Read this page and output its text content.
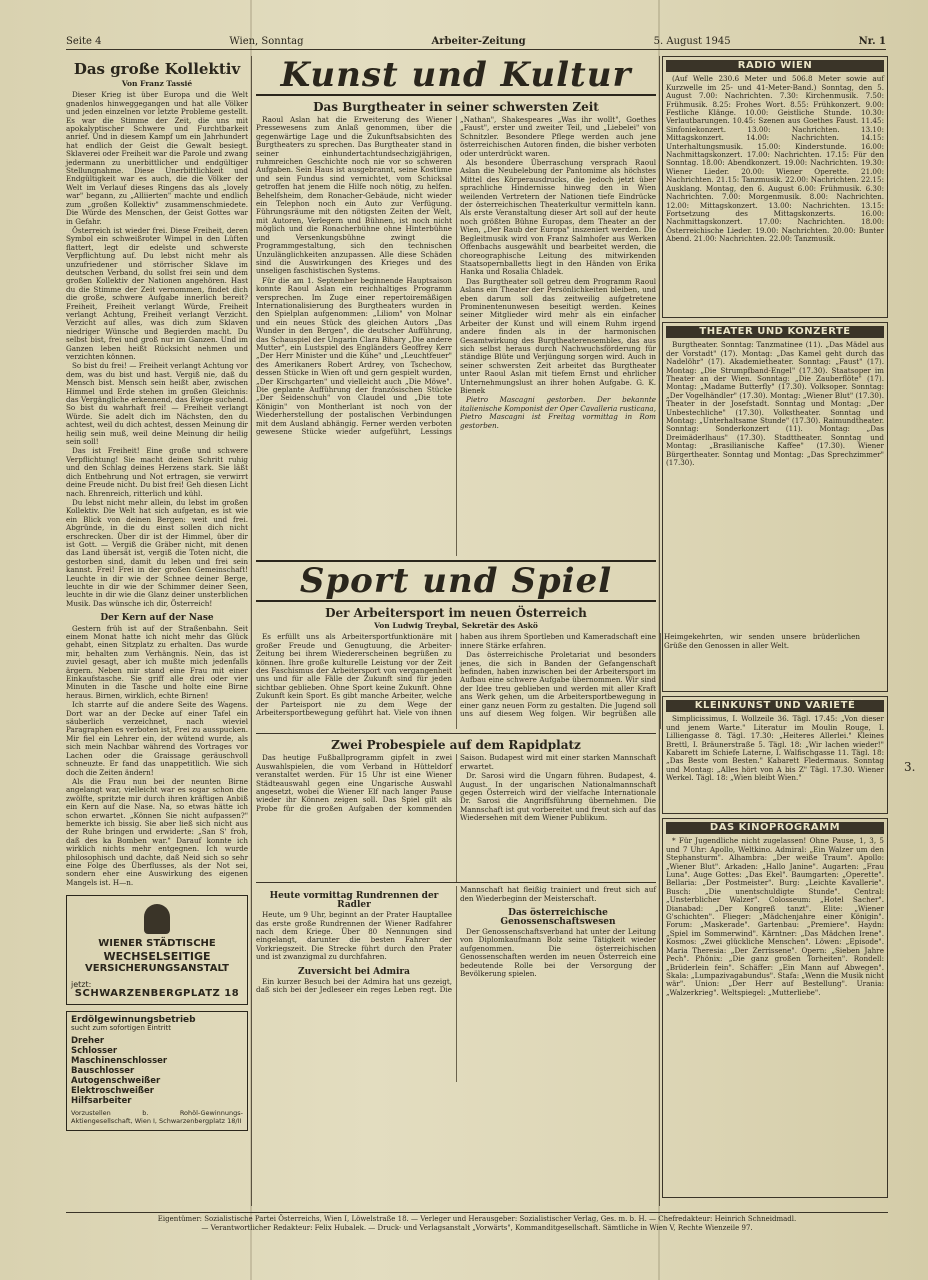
Seite 4	Wien, Sonntag	Arbeiter-Zeitung	5. August 1945	Nr. 1
Das große Kollektiv
Von Franz Tassié

Dieser Krieg ist über Europa und die Welt gnadenlos hinweggegangen und hat alle Völker und jeden einzelnen vor letzte Probleme gestellt. Es war die Stimme der Zeit, die uns mit apokalyptischer Schwere und Furchtbarkeit anrief. Und in diesem Kampf um ein Jahrhundert hat endlich der Geist die Gewalt besiegt. Sklaverei oder Freiheit war die Parole und zwang jedermann zu unerbittlicher und endgültiger Stellungnahme. Diese Unerbittlichkeit und Endgültigkeit war es auch, die die Völker der Welt im Verlauf dieses Ringens das als „lovely war" begann, zu „Alliierten" machte und endlich zum „großen Kollektiv" zusammenschmiedete. Die Würde des Menschen, der Geist Gottes war in Gefahr.

Österreich ist wieder frei. Diese Freiheit, deren Symbol ein schweißroter Wimpel in den Lüften flattert, legt dir edelste und schwerste Verpflichtung auf. Du lebst nicht mehr als unzufriedener und störrischer Sklave im deutschen Verband, du sollst frei sein und dem großen Kollektiv der Nationen angehören. Hast du die Stimme der Zeit vernommen, findet dich die große, schwere Aufgabe innerlich bereit? Freiheit, Freiheit verlangt Würde, Freiheit verlangt Achtung, Freiheit verlangt Verzicht. Verzicht auf alles, was dich zum Sklaven niedriger Wünsche und Begierden macht. Du selbst bist, frei und groß nur im Ganzen. Und im Ganzen leben heißt Rücksicht nehmen und verzichten können.

So bist du frei! — Freiheit verlangt Achtung vor dem, was du bist und hast. Vergiß nie, daß du Mensch bist. Mensch sein heißt aber, zwischen Himmel und Erde stehen im großen Gleichnis: das Vergängliche erkennend, das Ewige suchend. So bist du wahrhaft frei! — Freiheit verlangt Würde. Sie adelt dich im Nächsten, den du achtest, weil du dich achtest, dessen Meinung dir heilig sein muß, weil deine Meinung dir heilig sein soll!

Das ist Freiheit! Eine große und schwere Verpflichtung! Sie macht deinen Schritt ruhig und den Schlag deines Herzens stark. Sie läßt dich Entbehrung und Not ertragen, sie verwirrt deine Freude nicht. Du bist frei! Geh diesen Licht nach. Ehrenreich, ritterlich und kühl.

Du lebst nicht mehr allein, du lebst im großen Kollektiv. Die Welt hat sich aufgetan, es ist wie ein Blick von deinen Bergen: weit und frei. Abgründe, in die du einst sollen dich nicht erschrecken. Über dir ist der Himmel, über dir ist Gott. — Vergiß die Gräber nicht, mit denen das Land übersät ist, vergiß die Toten nicht, die gestorben sind, damit du leben und frei sein kannst. Frei! Frei in der großen Gemeinschaft! Leuchte in dir wie der Schnee deiner Berge, leuchte in dir wie der Schimmer deiner Seen, leuchte in dir wie die Glanz deiner unsterblichen Musik. Das wünsche ich dir, Österreich!

Der Kern auf der Nase

Gestern früh ist auf der Straßenbahn. Seit einem Monat hatte ich nicht mehr das Glück gehabt, einen Sitzplatz zu erhalten. Das wurde mir, behalten zum Verhängnis. Nein, das ist zuviel gesagt, aber ich mußte mich jedenfalls ärgern. Neben mir stand eine Frau mit einer Einkaufstasche. Sie griff alle drei oder vier Minuten in die Tasche und holte eine Birne heraus. Birnen, wirklich, echte Birnen!

Ich starrte auf die andere Seite des Wagens. Dort war an der Decke auf einer Tafel ein säuberlich verzeichnet, nach wieviel Paragraphen es verboten ist, Frei zu ausspucken. Mir fiel ein Lehrer ein, der wütend wurde, als sich mein Nachbar während des Vortrages vor Lachen oder die Graissage geräuschvoll schneuzte. Er fand das unappetitlich. Wie sich doch die Zeiten ändern!

Als die Frau nun bei der neunten Birne angelangt war, vielleicht war es sogar schon die zwölfte, spritzte mir durch ihren kräftigen Anbiß ein Kern auf die Nase. Na, so etwas hätte ich schon erwartet. „Können Sie nicht aufpassen?" bemerkte ich bissig. Sie aber ließ sich nicht aus der Ruhe bringen und erwiderte: „San S' froh, daß des ka Bomben war." Darauf konnte ich wirklich nichts mehr entgegnen. Ich wurde philosophisch und dachte, daß Neid sich so sehr eine Folge des Überflusses, als der Not sei, sondern eher eine Auswirkung des eigenen Mangels ist. H—n.

WIENER STÄDTISCHE
WECHSELSEITIGE
VERSICHERUNGSANSTALT
jetzt:
SCHWARZENBERGPLATZ 18
Erdölgewinnungsbetrieb
sucht zum sofortigen Eintritt
Dreher
Schlosser
Maschinenschlosser
Bauschlosser
Autogenschweißer
Elektroschweißer
Hilfsarbeiter
Vorzustellen b. Rohöl-Gewinnungs-Aktiengesellschaft, Wien I, Schwarzenbergplatz 18/II
Kunst und Kultur
Das Burgtheater in seiner schwersten Zeit

Raoul Aslan hat die Erweiterung des Wiener Pressewesens zum Anlaß genommen, über die gegenwärtige Lage und die Zukunftsabsichten des Burgtheaters zu sprechen. Das Burgtheater stand in seiner einhundertachtundsechzigjährigen, ruhmreichen Geschichte noch nie vor so schweren Aufgaben. Sein Haus ist ausgebrannt, seine Kostüme und sein Fundus sind vernichtet, vom Schicksal getroffen hat jenem die Hilfe noch nötig, zu helfen. Behelfsheim, dem Ronacher-Gebäude, nicht wieder ein Telephon noch ein Auto zur Verfügung. Führungsräume mit den nötigsten Zeiten der Welt, mit Autoren, Verlegern und Bühnen, ist noch nicht möglich und die Ronacherbühne ohne Hinterbühne und Versenkungsbühne zwingt die Programmgestaltung, sich den technischen Unzulänglichkeiten anzupassen. Alle diese Schäden sind die Auswirkungen des Krieges und des unseligen faschistischen Systems.

Für die am 1. September beginnende Hauptsaison konnte Raoul Aslan ein reichhaltiges Programm versprechen. Im Zuge einer repertoiremäßigen Internationalisierung des Burgtheaters wurden in den Spielplan aufgenommen: „Liliom" von Molnar und ein neues Stück des gleichen Autors „Das Wunder in den Bergen", die deutscher Aufführung, das Schauspiel der Ungarin Clara Bihary „Die andere Mutter", ein Lustspiel des Engländers Geoffrey Kerr „Der Herr Minister und die Kühe" und „Leuchtfeuer" des Amerikaners Robert Ardrey, von Tschechow, dessen Stücke in Wien oft und gern gespielt wurden, „Der Kirschgarten" und vielleicht auch „Die Möwe". Die geplante Aufführung der französischen Stücke „Der Seidenschuh" von Claudel und „Die tote Königin" von Montherlant ist noch von der Wiederherstellung der postalischen Verbindungen mit dem Ausland abhängig. Ferner werden verboten gewesene Stücke wieder aufgeführt, Lessings „Nathan", Shakespeares „Was ihr wollt", Goethes „Faust", erster und zweiter Teil, und „Liebelei" von Schnitzler. Besondere Pflege werden auch jene österreichischen Autoren finden, die bisher verboten oder unterdrückt waren.

Als besondere Überraschung versprach Raoul Aslan die Neubelebung der Pantomime als höchstes Mittel des Körperausdrucks, die jedoch jetzt über sprachliche Hindernisse hinweg den in Wien weilenden Vertretern der Nationen tiefe Eindrücke der österreichischen Theaterkultur vermitteln kann. Als erste Veranstaltung dieser Art soll auf der heute noch größten Bühne Europas, dem Theater an der Wien, „Der Raub der Europa" inszeniert werden. Die Begleitmusik wird von Franz Salmhofer aus Werken Offenbachs ausgewählt und bearbeitet werden, die choreographische Leitung des mitwirkenden Staatsopernballetts liegt in den Händen von Erika Hanka und Rosalia Chladek.

Das Burgtheater soll getreu dem Programm Raoul Aslans ein Theater der Persönlichkeiten bleiben, und eben darum soll das zeitweilig aufgetretene Prominentenunwesen beseitigt werden. Keines seiner Mitglieder wird mehr als ein einfacher Arbeiter der Kunst und will einem Ruhm irgend andere finden als in der harmonischen Gesamtwirkung des Burgtheaterensembles, das aus sich selbst heraus durch Nachwuchsförderung für ständige Blüte und Verjüngung sorgen wird. Auch in seiner schwersten Zeit arbeitet das Burgtheater unter Raoul Aslan mit tiefem Ernst und ehrlicher Unternehmungslust an ihrer hohen Aufgabe. G. K. Bienek

Pietro Mascagni gestorben. Der bekannte italienische Komponist der Oper Cavalleria rusticana, Pietro Mascagni ist Freitag vormittag in Rom gestorben.

Sport und Spiel
Der Arbeitersport im neuen Österreich
Von Ludwig Treybal, Sekretär des Askö

Es erfüllt uns als Arbeitersportfunktionäre mit großer Freude und Genugtuung, die Arbeiter-Zeitung bei ihrem Wiedererscheinen begrüßen zu können. Ihre große kulturelle Leistung vor der Zeit des Faschismus der Arbeitersport von vergangenheit uns und für alle Fälle der Zukunft sind für jeden sichtbar geblieben. Ohne Sport keine Zukunft. Ohne Zukunft kein Sport. Es gibt manche Arbeiter, welche der Parteisport nie zu dem Wege der Arbeitersportbewegung geführt hat. Viele von ihnen haben aus ihrem Sportleben und Kameradschaft eine innere Stärke erfahren.

Das österreichische Proletariat und besonders jenes, die sich in Banden der Gefangenschaft befinden, haben inzwischen bei der Arbeitersport im Aufbau eine schwere Aufgabe übernommen. Wir sind der Idee treu geblieben und werden mit aller Kraft ans Werk gehen, um die Arbeitersportbewegung in einer ganz neuen Form zu gestalten. Die Jugend soll uns auf diesem Weg folgen. Wir begrüßen alle Heimgekehrten, wir senden unsere brüderlichen Grüße den Genossen in aller Welt.

Zwei Probespiele auf dem Rapidplatz

Das heutige Fußballprogramm gipfelt in zwei Auswahlspielen, die vom Verband in Hütteldorf veranstaltet werden. Für 15 Uhr ist eine Wiener Städteauswahl gegen eine Ungarische Auswahl angesetzt, wobei die Wiener Elf nach langer Pause wieder ihr Können zeigen soll. Das Spiel gilt als Probe für die großen Aufgaben der kommenden Saison. Budapest wird mit einer starken Mannschaft erwartet.

Dr. Sarosi wird die Ungarn führen. Budapest, 4. August. In der ungarischen Nationalmannschaft gegen Österreich wird der vielfache Internationale Dr. Sarosi die Angriffsführung übernehmen. Die Mannschaft ist gut vorbereitet und freut sich auf das Wiedersehen mit dem Wiener Publikum.

Heute vormittag Rundrennen der Radler

Heute, um 9 Uhr, beginnt an der Prater Hauptallee das erste große Rundrennen der Wiener Radfahrer nach dem Kriege. Über 80 Nennungen sind eingelangt, darunter die besten Fahrer der Vorkriegszeit. Die Strecke führt durch den Prater und ist zwanzigmal zu durchfahren.

Zuversicht bei Admira

Ein kurzer Besuch bei der Admira hat uns gezeigt, daß sich bei der Jedleseer ein reges Leben regt. Die Mannschaft hat fleißig trainiert und freut sich auf den Wiederbeginn der Meisterschaft.

Das österreichische Genossenschaftswesen

Der Genossenschaftsverband hat unter der Leitung von Diplomkaufmann Bolz seine Tätigkeit wieder aufgenommen. Die österreichischen Genossenschaften werden im neuen Österreich eine bedeutende Rolle bei der Versorgung der Bevölkerung spielen.

RADIO WIEN

(Auf Welle 230.6 Meter und 506.8 Meter sowie auf Kurzwelle im 25- und 41-Meter-Band.) Sonntag, den 5. August 7.00: Nachrichten. 7.30: Kirchenmusik. 7.50: Frühmusik. 8.25: Frohes Wort. 8.55: Frühkonzert. 9.00: Festliche Klänge. 10.00: Geistliche Stunde. 10.30: Verlautbarungen. 10.45: Szenen aus Goethes Faust. 11.45: Sinfoniekonzert. 13.00: Nachrichten. 13.10: Mittagskonzert. 14.00: Nachrichten. 14.15: Unterhaltungsmusik. 15.00: Kinderstunde. 16.00: Nachmittagskonzert. 17.00: Nachrichten. 17.15: Für den Sonntag. 18.00: Abendkonzert. 19.00: Nachrichten. 19.30: Wiener Lieder. 20.00: Wiener Operette. 21.00: Nachrichten. 21.15: Tanzmusik. 22.00: Nachrichten. 22.15: Ausklang. Montag, den 6. August 6.00: Frühmusik. 6.30: Nachrichten. 7.00: Morgenmusik. 8.00: Nachrichten. 12.00: Mittagskonzert. 13.00: Nachrichten. 13.15: Fortsetzung des Mittagskonzerts. 16.00: Nachmittagskonzert. 17.00: Nachrichten. 18.00: Österreichische Lieder. 19.00: Nachrichten. 20.00: Bunter Abend. 21.00: Nachrichten. 22.00: Tanzmusik.

THEATER UND KONZERTE

Burgtheater. Sonntag: Tanzmatinee (11). „Das Mädel aus der Vorstadt" (17). Montag: „Das Kamel geht durch das Nadelöhr" (17). Akademietheater. Sonntag: „Faust" (17). Montag: „Die Strumpfband-Engel" (17.30). Staatsoper im Theater an der Wien. Sonntag: „Die Zauberflöte" (17). Montag: „Madame Butterfly" (17.30). Volksoper. Sonntag: „Der Vogelhändler" (17.30). Montag: „Wiener Blut" (17.30). Theater in der Josefstadt. Sonntag und Montag: „Der Unbestechliche" (17.30). Volkstheater. Sonntag und Montag: „Unterhaltsame Stunde" (17.30). Raimundtheater. Sonntag: Sonderkonzert (11). Montag: „Das Dreimäderlhaus" (17.30). Stadttheater. Sonntag und Montag: „Brasilianische Kaffee" (17.30). Wiener Bürgertheater. Sonntag und Montag: „Das Sprechzimmer" (17.30).

KLEINKUNST UND VARIETÉ

Simplicissimus, I. Wollzeile 36. Tägl. 17.45: „Von dieser und jenem Warte." Literatur im Moulin Rouge, I. Lilliengasse 8. Tägl. 17.30: „Heiteres Allerlei." Kleines Brettl, I. Bräunerstraße 5. Tägl. 18: „Wir lachen wieder!" Kabarett im Schiefe Laterne, I. Walfischgasse 11. Tägl. 18: „Das Beste vom Besten." Kabarett Fledermaus. Sonntag und Montag: „Alles hört von A bis Z" Tägl. 17.30. Wiener Werkel. Tägl. 18: „Wien bleibt Wien."

DAS KINOPROGRAMM

* Für Jugendliche nicht zugelassen! Ohne Pause, 1, 3, 5 und 7 Uhr: Apollo, Weltkino. Admiral: „Ein Walzer um den Stephansturm". Alhambra: „Der weiße Traum". Apollo: „Wiener Blut". Arkaden: „Hallo Janine". Augarten: „Frau Luna". Auge Gottes: „Das Ekel". Baumgarten: „Operette". Bellaria: „Der Postmeister". Burg: „Leichte Kavallerie". Busch: „Die unentschuldigte Stunde". Central: „Unsterblicher Walzer". Colosseum: „Hotel Sacher". Dianabad: „Der Kongreß tanzt". Elite: „Wiener G'schichten". Flieger: „Mädchenjahre einer Königin". Forum: „Maskerade". Gartenbau: „Premiere". Haydn: „Spiel im Sommerwind". Kärntner: „Das Mädchen Irene". Kosmos: „Zwei glückliche Menschen". Löwen: „Episode". Maria Theresia: „Der Zerrissene". Opern: „Sieben Jahre Pech". Phönix: „Die ganz großen Torheiten". Rondell: „Brüderlein fein". Schäffer: „Ein Mann auf Abwegen". Skala: „Lumpazivagabundus". Stafa: „Wenn die Musik nicht wär". Union: „Der Herr auf Bestellung". Urania: „Walzerkrieg". Weltspiegel: „Mutterliebe".

3.
Eigentümer: Sozialistische Partei Österreichs, Wien I, Löwelstraße 18. — Verleger und Herausgeber: Sozialistischer Verlag, Ges. m. b. H. — Chefredakteur: Heinrich Schneidmadl.
— Verantwortlicher Redakteur: Felix Hubalek. — Druck- und Verlagsanstalt „Vorwärts", Kommanditgesellschaft. Sämtliche in Wien V, Rechte Wienzeile 97.
